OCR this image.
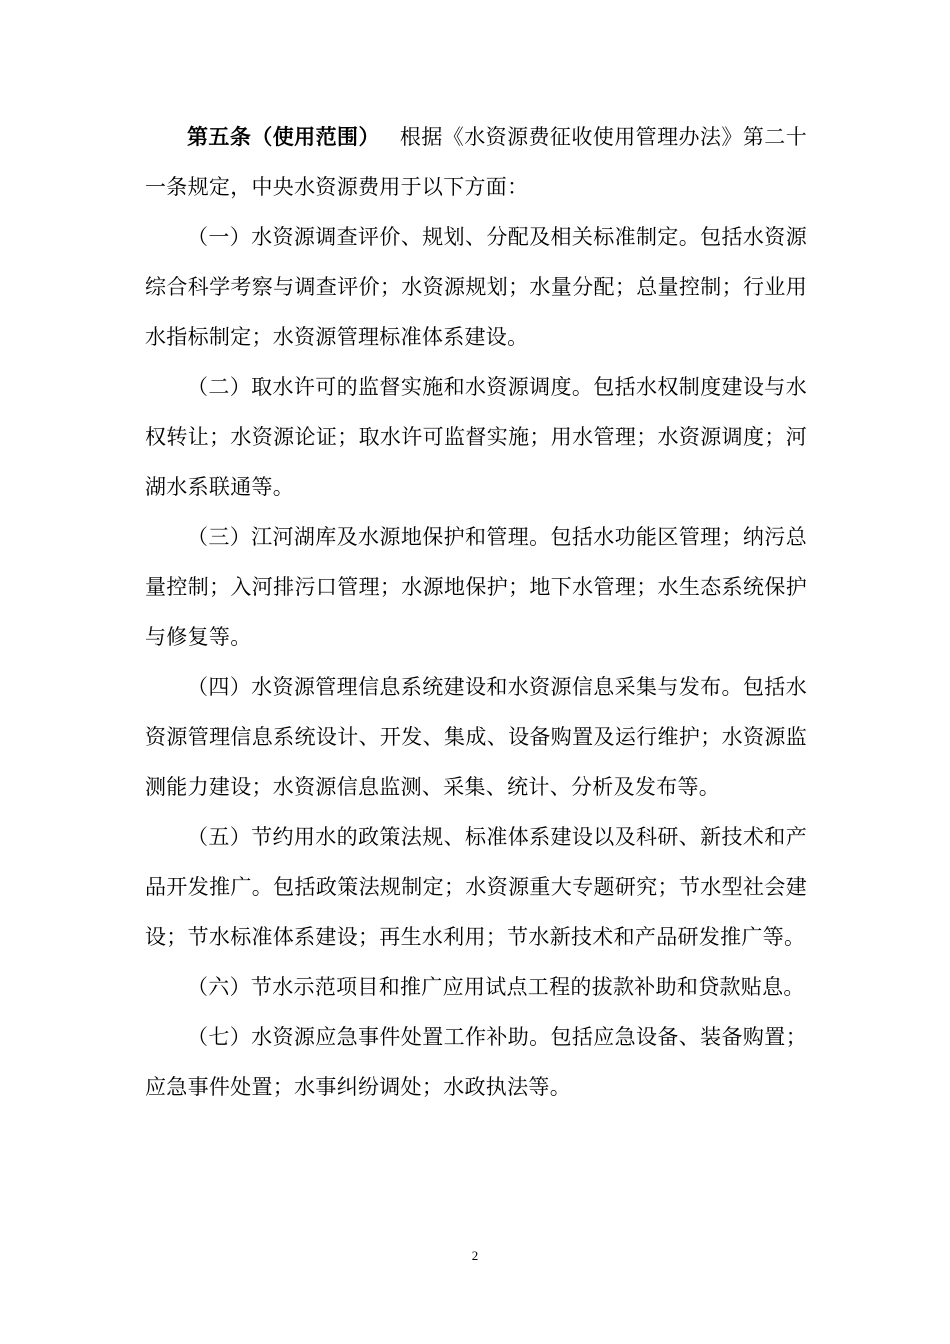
第五条（使用范围） 根据《水资源费征收使用管理办法》第二十一条规定，中央水资源费用于以下方面：

（一）水资源调查评价、规划、分配及相关标准制定。包括水资源综合科学考察与调查评价；水资源规划；水量分配；总量控制；行业用水指标制定；水资源管理标准体系建设。

（二）取水许可的监督实施和水资源调度。包括水权制度建设与水权转让；水资源论证；取水许可监督实施；用水管理；水资源调度；河湖水系联通等。

（三）江河湖库及水源地保护和管理。包括水功能区管理；纳污总量控制；入河排污口管理；水源地保护；地下水管理；水生态系统保护与修复等。

（四）水资源管理信息系统建设和水资源信息采集与发布。包括水资源管理信息系统设计、开发、集成、设备购置及运行维护；水资源监测能力建设；水资源信息监测、采集、统计、分析及发布等。

（五）节约用水的政策法规、标准体系建设以及科研、新技术和产品开发推广。包括政策法规制定；水资源重大专题研究；节水型社会建设；节水标准体系建设；再生水利用；节水新技术和产品研发推广等。

（六）节水示范项目和推广应用试点工程的拔款补助和贷款贴息。

（七）水资源应急事件处置工作补助。包括应急设备、装备购置；应急事件处置；水事纠纷调处；水政执法等。

2
